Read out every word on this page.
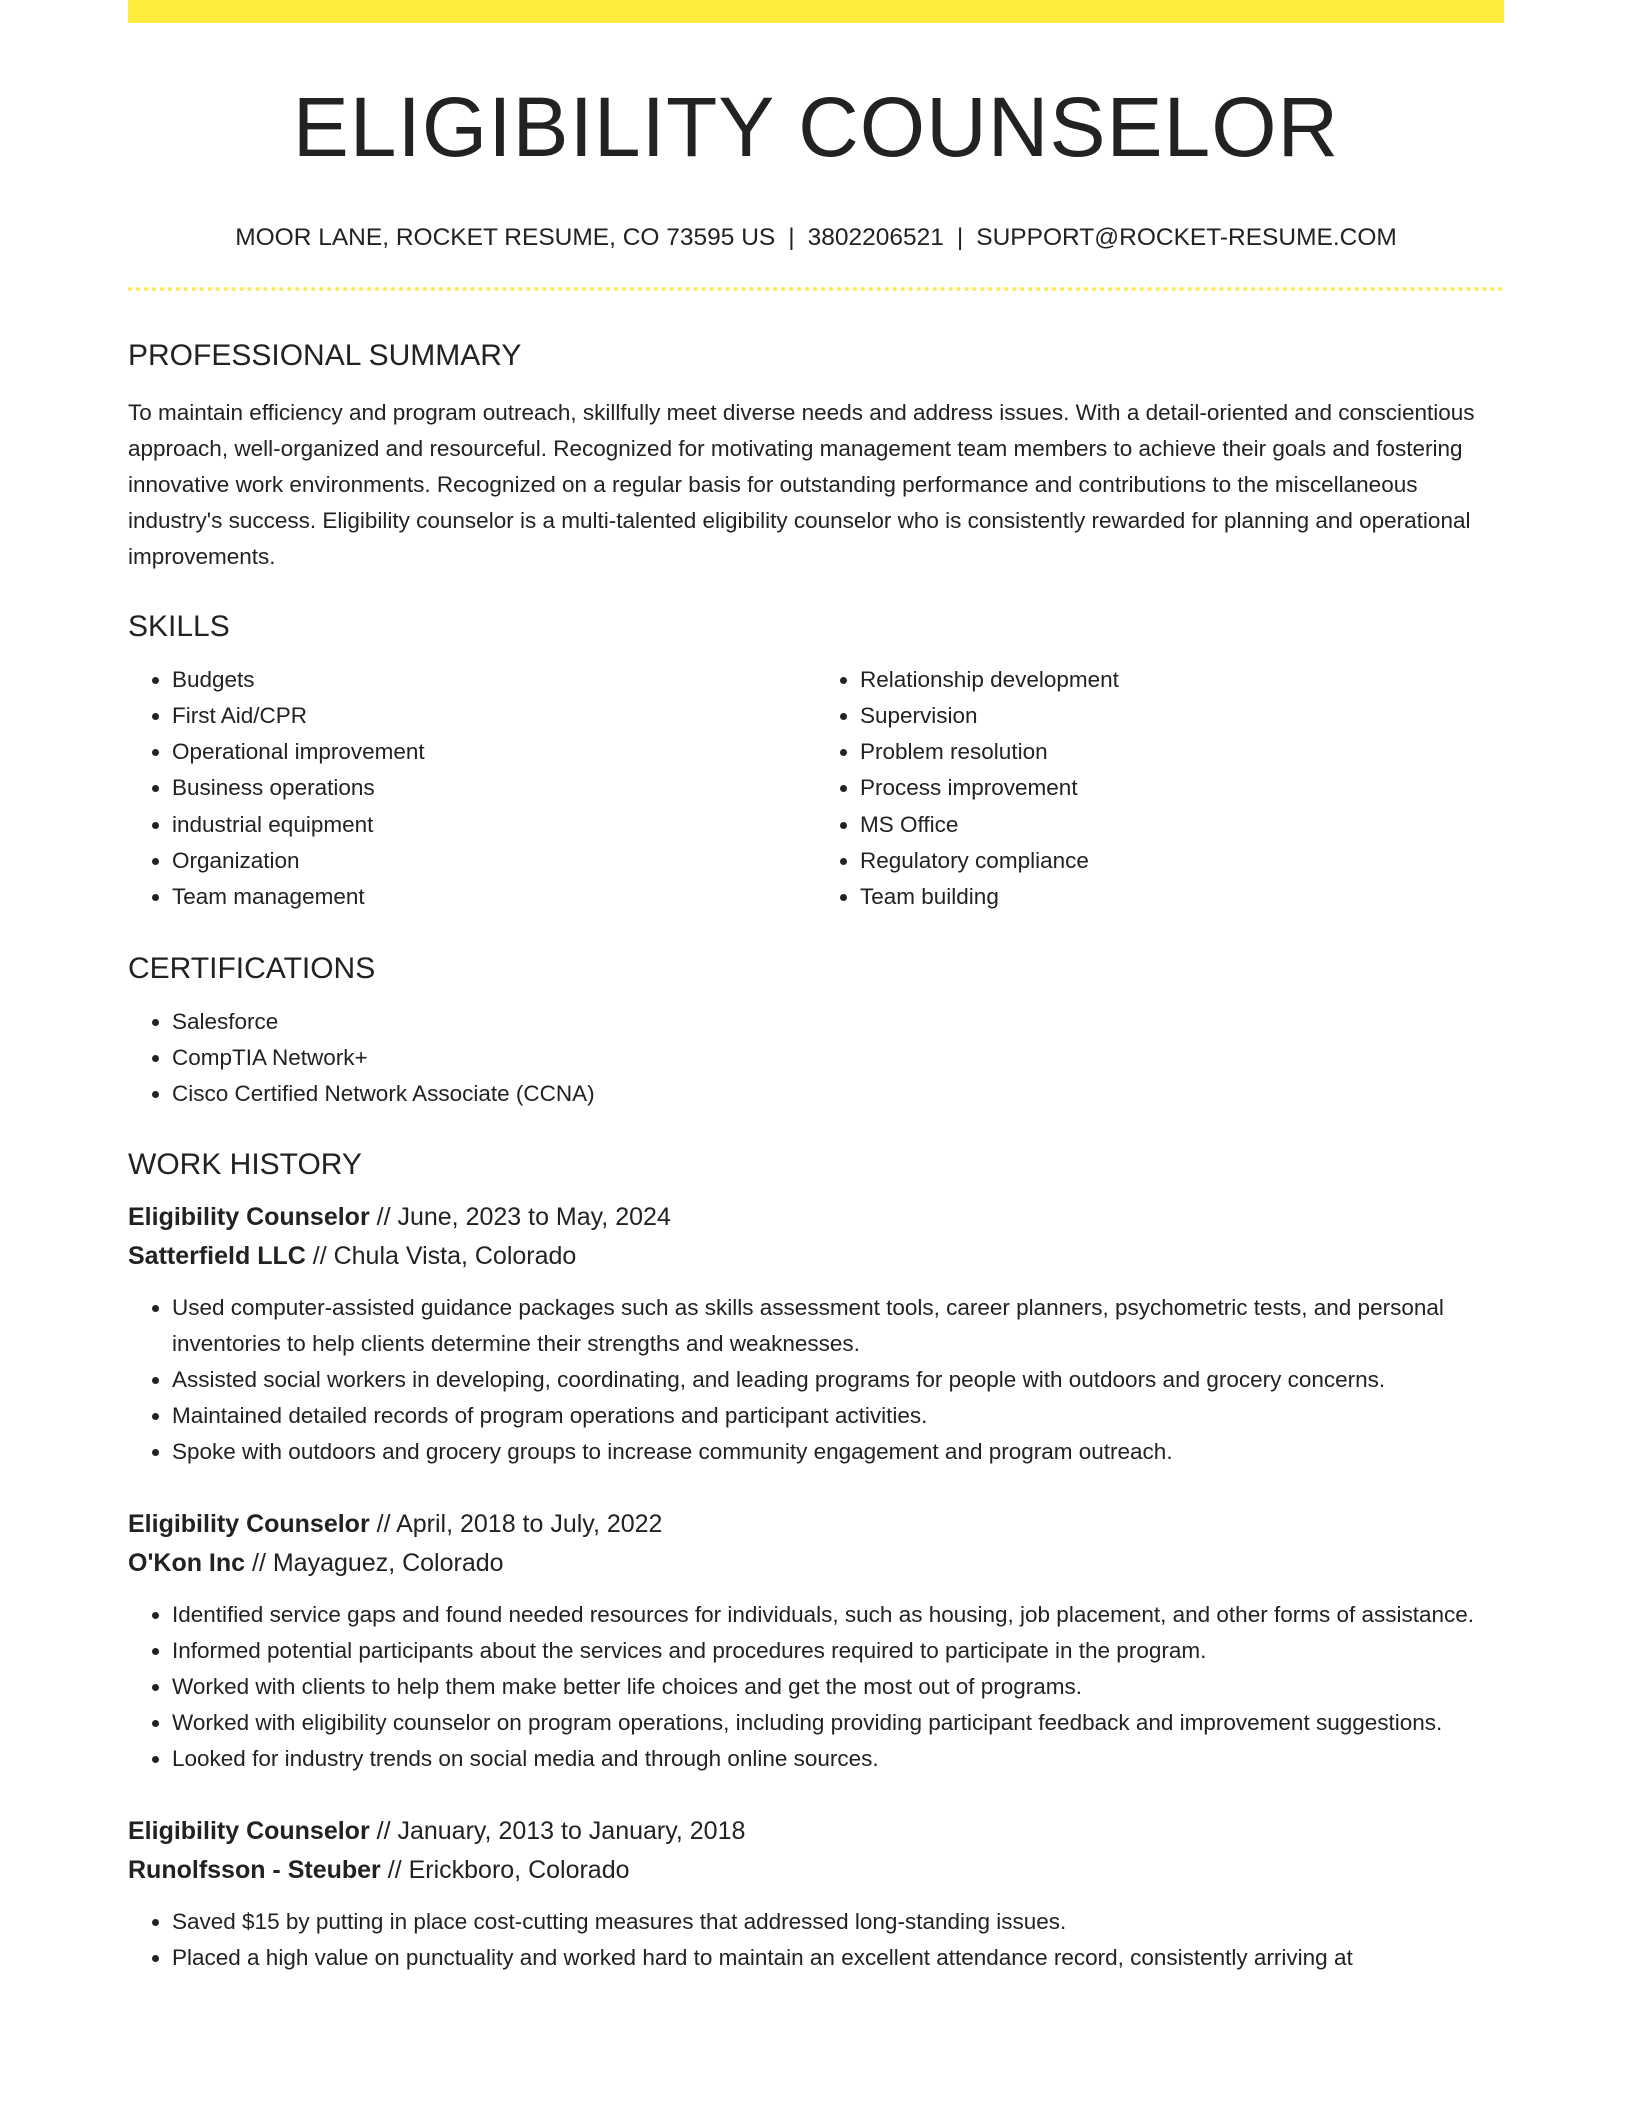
ELIGIBILITY COUNSELOR
MOOR LANE, ROCKET RESUME, CO 73595 US | 3802206521 | SUPPORT@ROCKET-RESUME.COM
PROFESSIONAL SUMMARY
To maintain efficiency and program outreach, skillfully meet diverse needs and address issues. With a detail-oriented and conscientious approach, well-organized and resourceful. Recognized for motivating management team members to achieve their goals and fostering innovative work environments. Recognized on a regular basis for outstanding performance and contributions to the miscellaneous industry's success. Eligibility counselor is a multi-talented eligibility counselor who is consistently rewarded for planning and operational improvements.
SKILLS
• Budgets
• First Aid/CPR
• Operational improvement
• Business operations
• industrial equipment
• Organization
• Team management
• Relationship development
• Supervision
• Problem resolution
• Process improvement
• MS Office
• Regulatory compliance
• Team building
CERTIFICATIONS
• Salesforce
• CompTIA Network+
• Cisco Certified Network Associate (CCNA)
WORK HISTORY
Eligibility Counselor // June, 2023 to May, 2024
Satterfield LLC // Chula Vista, Colorado
• Used computer-assisted guidance packages such as skills assessment tools, career planners, psychometric tests, and personal inventories to help clients determine their strengths and weaknesses.
• Assisted social workers in developing, coordinating, and leading programs for people with outdoors and grocery concerns.
• Maintained detailed records of program operations and participant activities.
• Spoke with outdoors and grocery groups to increase community engagement and program outreach.
Eligibility Counselor // April, 2018 to July, 2022
O'Kon Inc // Mayaguez, Colorado
• Identified service gaps and found needed resources for individuals, such as housing, job placement, and other forms of assistance.
• Informed potential participants about the services and procedures required to participate in the program.
• Worked with clients to help them make better life choices and get the most out of programs.
• Worked with eligibility counselor on program operations, including providing participant feedback and improvement suggestions.
• Looked for industry trends on social media and through online sources.
Eligibility Counselor // January, 2013 to January, 2018
Runolfsson - Steuber // Erickboro, Colorado
• Saved $15 by putting in place cost-cutting measures that addressed long-standing issues.
• Placed a high value on punctuality and worked hard to maintain an excellent attendance record, consistently arriving at
